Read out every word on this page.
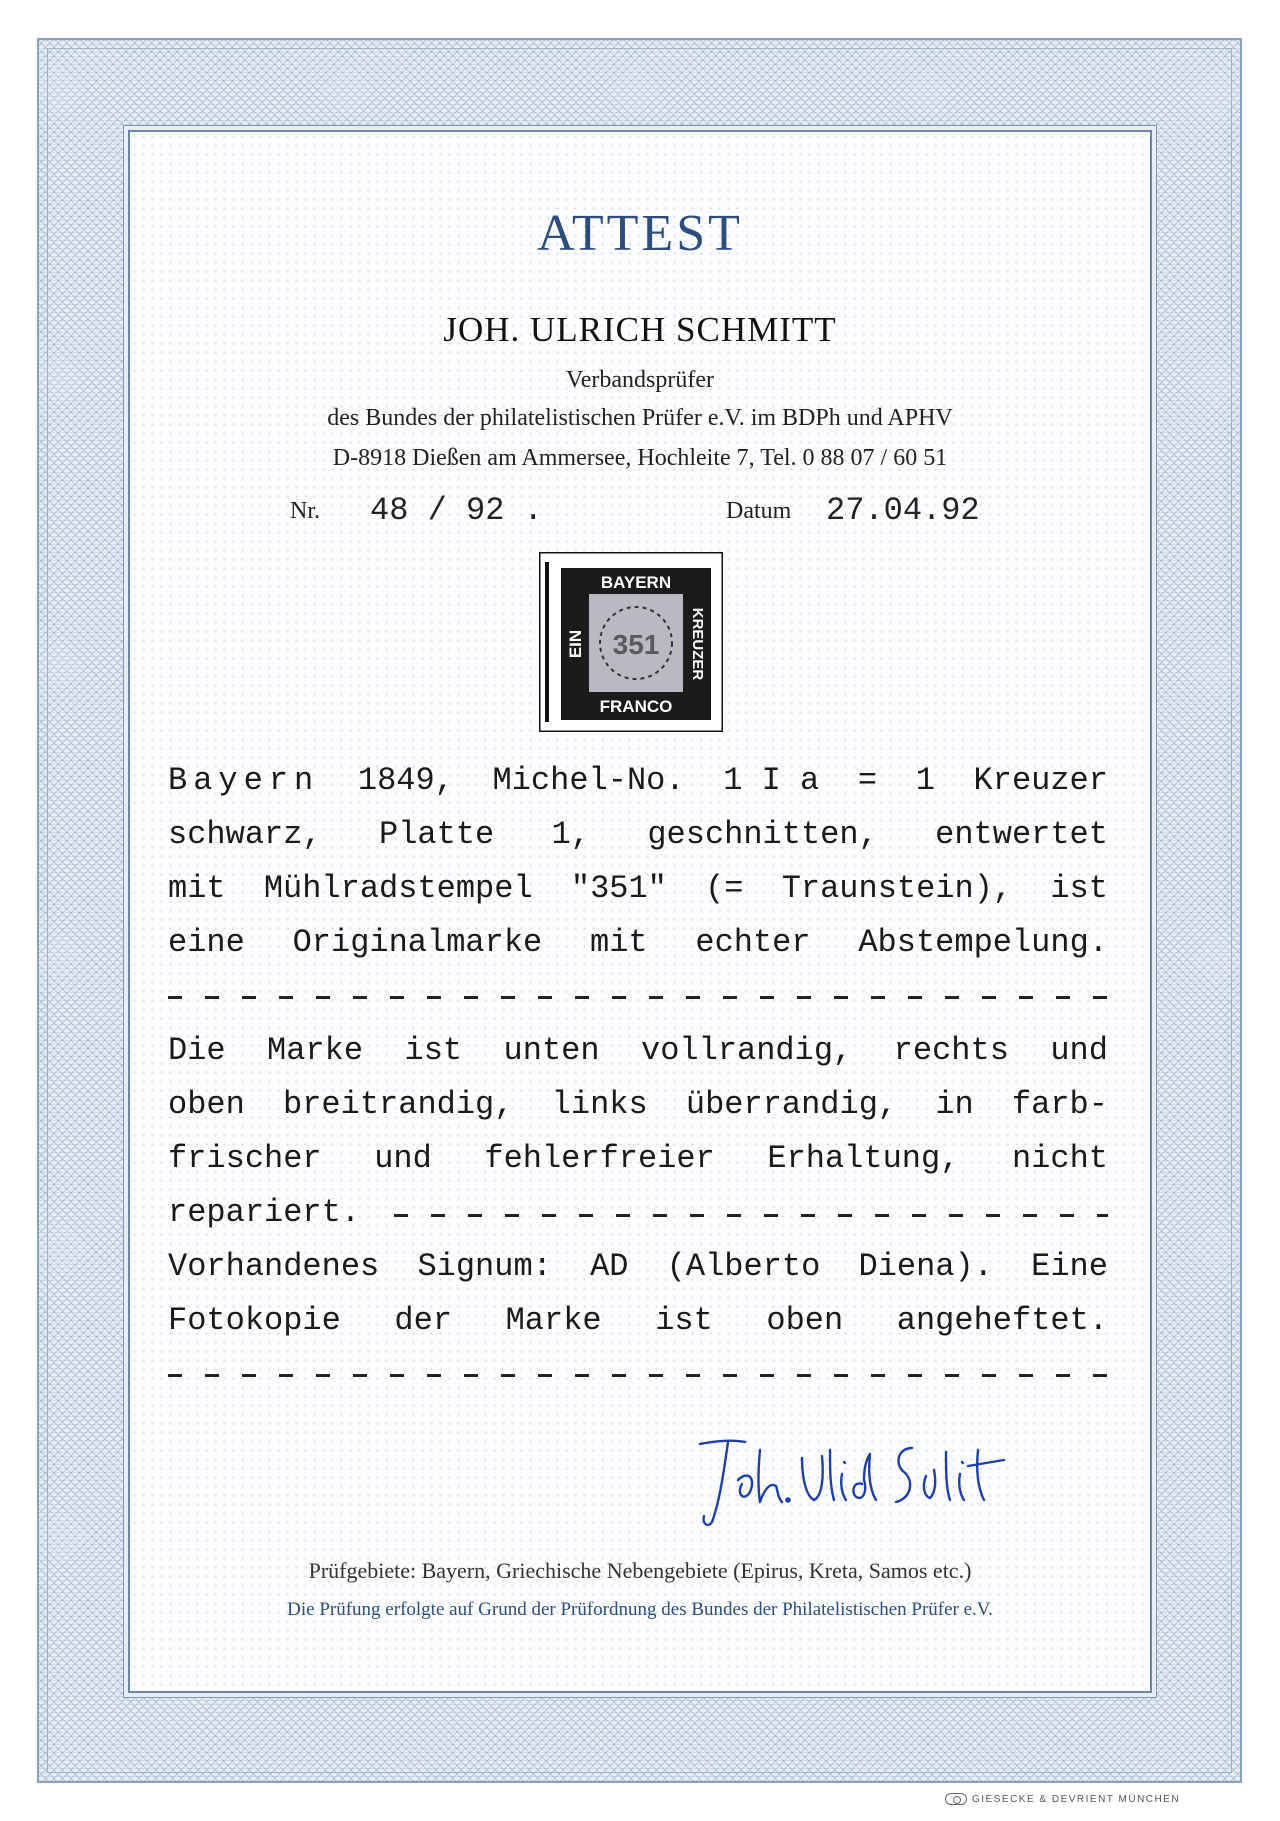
ATTEST
JOH. ULRICH SCHMITT
Verbandsprüfer
des Bundes der philatelistischen Prüfer e.V. im BDPh und APHV
D-8918 Dießen am Ammersee, Hochleite 7, Tel. 0 88 07 / 60 51
Nr. 48 / 92 .	Datum 27.04.92
351
BAYERN
FRANCO
EIN	KREUZER
Bayern 1849, Michel-No. 1 I a = 1 Kreuzer
schwarz, Platte 1, geschnitten, entwertet
mit Mühlradstempel "351" (= Traunstein), ist
eine Originalmarke mit echter Abstempelung.
Die Marke ist unten vollrandig, rechts und
oben breitrandig, links überrandig, in farb-
frischer und fehlerfreier Erhaltung, nicht
repariert.
Vorhandenes Signum: AD (Alberto Diena). Eine
Fotokopie der Marke ist oben angeheftet.
Prüfgebiete: Bayern, Griechische Nebengebiete (Epirus, Kreta, Samos etc.)
Die Prüfung erfolgte auf Grund der Prüfordnung des Bundes der Philatelistischen Prüfer e.V.
GIESECKE & DEVRIENT MÜNCHEN
